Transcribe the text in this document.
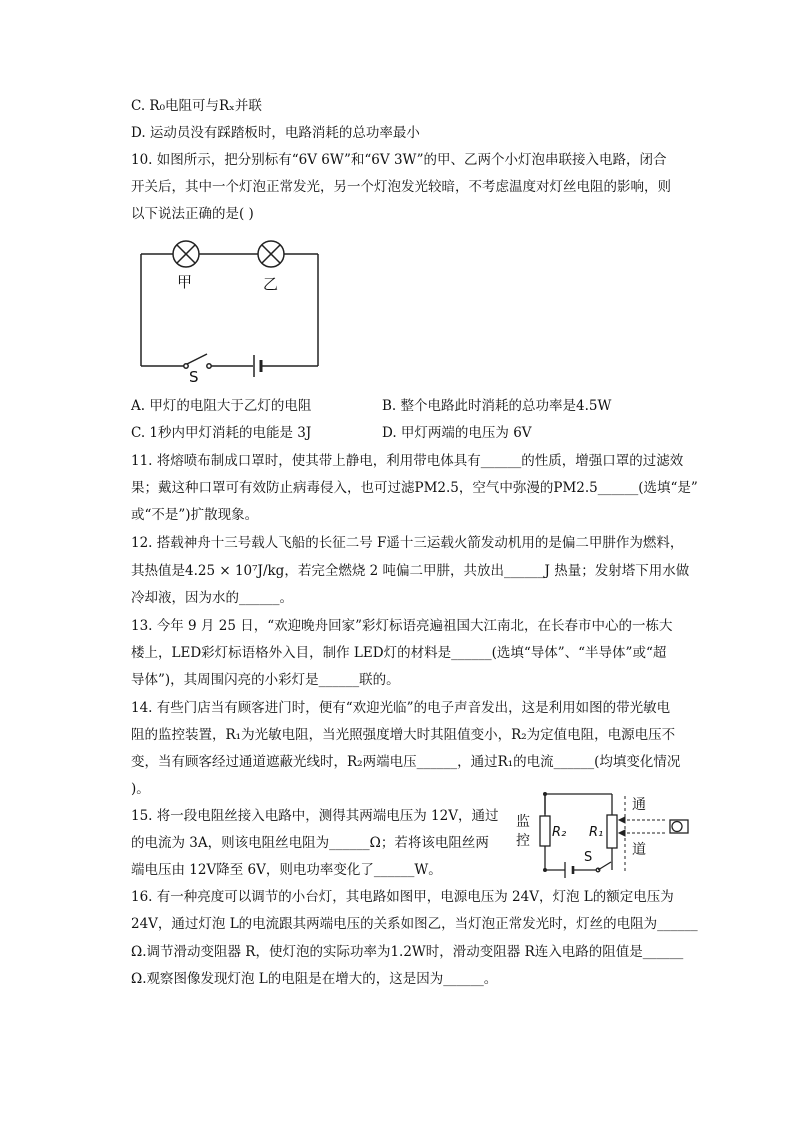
C. R₀电阻可与Rₓ并联
D. 运动员没有踩踏板时，电路消耗的总功率最小
10. 如图所示，把分别标有“6V 6W”和“6V 3W”的甲、乙两个小灯泡串联接入电路，闭合
开关后，其中一个灯泡正常发光，另一个灯泡发光较暗，不考虑温度对灯丝电阻的影响，则
以下说法正确的是( )
甲	乙
S
A. 甲灯的电阻大于乙灯的电阻	B. 整个电路此时消耗的总功率是4.5W
C. 1秒内甲灯消耗的电能是 3J	D. 甲灯两端的电压为 6V
11. 将熔喷布制成口罩时，使其带上静电，利用带电体具有______的性质，增强口罩的过滤效
果；戴这种口罩可有效防止病毒侵入，也可过滤PM2.5，空气中弥漫的PM2.5______(选填“是”
或“不是”)扩散现象。
12. 搭载神舟十三号载人飞船的长征二号 F遥十三运载火箭发动机用的是偏二甲肼作为燃料，
其热值是4.25 × 10⁷J/kg，若完全燃烧 2 吨偏二甲肼，共放出______J 热量；发射塔下用水做
冷却液，因为水的______。
13. 今年 9 月 25 日，“欢迎晚舟回家”彩灯标语亮遍祖国大江南北，在长春市中心的一栋大
楼上，LED彩灯标语格外入目，制作 LED灯的材料是______(选填“导体”、“半导体”或“超
导体”)，其周围闪亮的小彩灯是______联的。
14. 有些门店当有顾客进门时，便有“欢迎光临”的电子声音发出，这是利用如图的带光敏电
阻的监控装置，R₁为光敏电阻，当光照强度增大时其阻值变小，R₂为定值电阻，电源电压不
变，当有顾客经过通道遮蔽光线时，R₂两端电压______，通过R₁的电流______(均填变化情况
)。
15. 将一段电阻丝接入电路中，测得其两端电压为 12V，通过
的电流为 3A，则该电阻丝电阻为______Ω；若将该电阻丝两
端电压由 12V降至 6V，则电功率变化了______W。
监
控
R₂ R₁
S
通
道
16. 有一种亮度可以调节的小台灯，其电路如图甲，电源电压为 24V，灯泡 L的额定电压为
24V，通过灯泡 L的电流跟其两端电压的关系如图乙，当灯泡正常发光时，灯丝的电阻为______
Ω.调节滑动变阻器 R，使灯泡的实际功率为1.2W时，滑动变阻器 R连入电路的阻值是______
Ω.观察图像发现灯泡 L的电阻是在增大的，这是因为______。
